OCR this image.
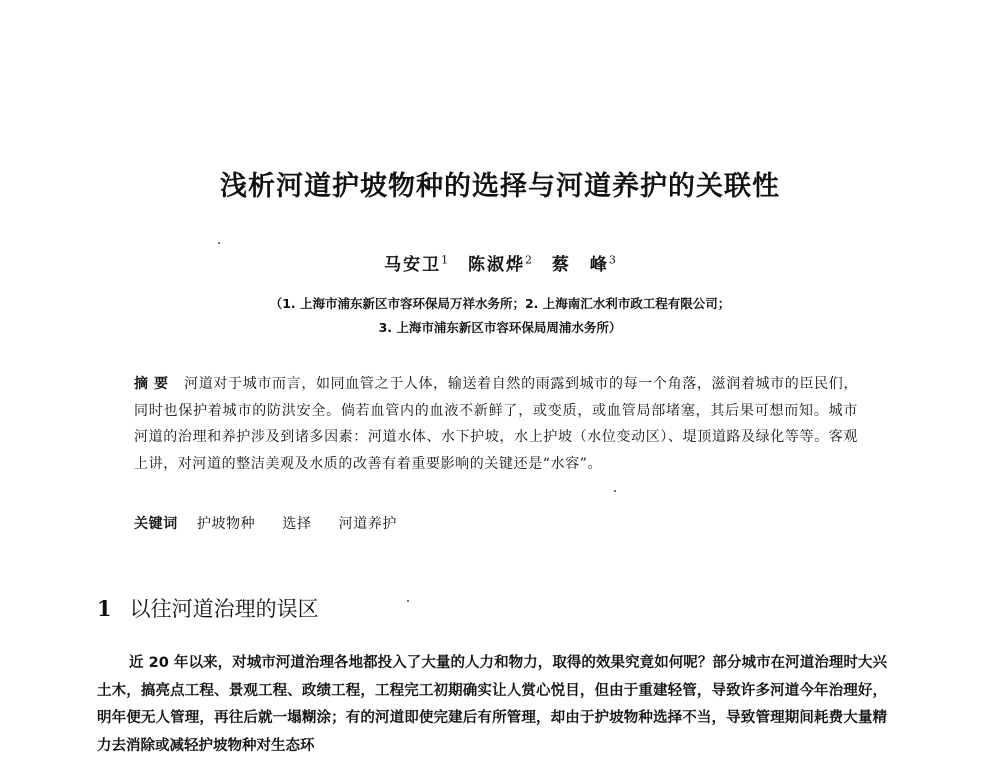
浅析河道护坡物种的选择与河道养护的关联性
马安卫$^1$ 陈淑烨$^2$ 蔡　峰$^3$
（1. 上海市浦东新区市容环保局万祥水务所；2. 上海南汇水利市政工程有限公司；
3. 上海市浦东新区市容环保局周浦水务所）
摘要 河道对于城市而言，如同血管之于人体，输送着自然的雨露到城市的每一个角落，滋润着城市的臣民们，同时也保护着城市的防洪安全。倘若血管内的血液不新鲜了，或变质，或血管局部堵塞，其后果可想而知。城市河道的治理和养护涉及到诸多因素：河道水体、水下护坡，水上护坡（水位变动区）、堤顶道路及绿化等等。客观上讲，对河道的整洁美观及水质的改善有着重要影响的关键还是“水容”。
关键词 护坡物种 选择 河道养护
1 以往河道治理的误区

近 20 年以来，对城市河道治理各地都投入了大量的人力和物力，取得的效果究竟如何呢？部分城市在河道治理时大兴土木，搞亮点工程、景观工程、政绩工程，工程完工初期确实让人赏心悦目，但由于重建轻管，导致许多河道今年治理好，明年便无人管理，再往后就一塌糊涂；有的河道即使完建后有所管理，却由于护坡物种选择不当，导致管理期间耗费大量精力去消除或减轻护坡物种对生态环
